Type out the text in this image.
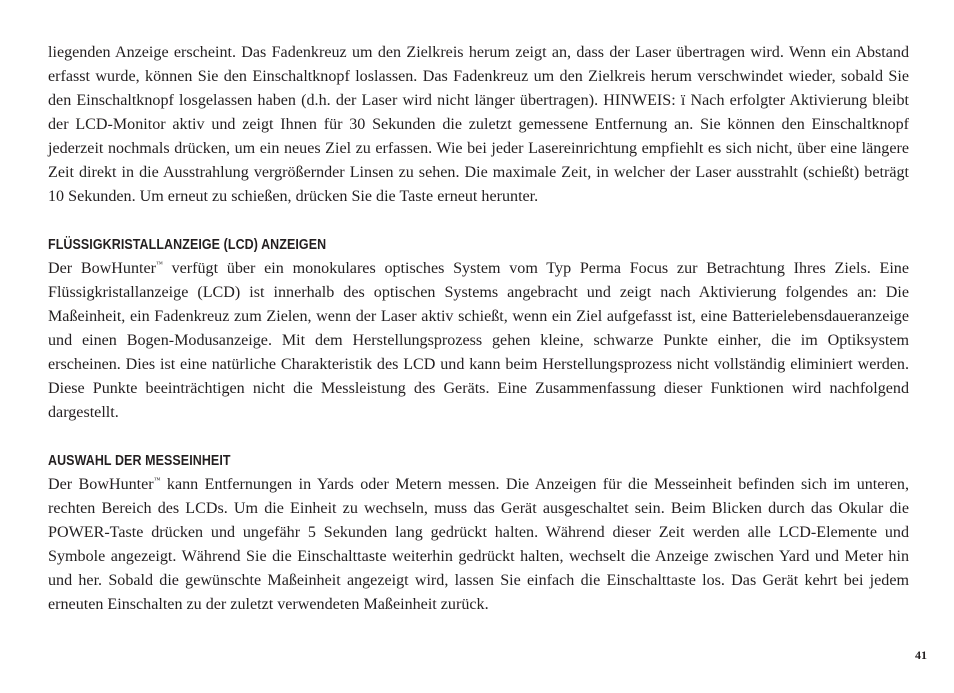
liegenden Anzeige erscheint. Das Fadenkreuz um den Zielkreis herum zeigt an, dass der Laser übertragen wird. Wenn ein Abstand erfasst wurde, können Sie den Einschaltknopf loslassen. Das Fadenkreuz um den Zielkreis herum verschwindet wieder, sobald Sie den Einschaltknopf losgelassen haben (d.h. der Laser wird nicht länger übertragen). HINWEIS: ï Nach erfolgter Aktivierung bleibt der LCD-Monitor aktiv und zeigt Ihnen für 30 Sekunden die zuletzt gemessene Entfernung an. Sie können den Einschaltknopf jederzeit nochmals drücken, um ein neues Ziel zu erfassen. Wie bei jeder Lasereinrichtung empfiehlt es sich nicht, über eine längere Zeit direkt in die Ausstrahlung vergrößernder Linsen zu sehen. Die maximale Zeit, in welcher der Laser ausstrahlt (schießt) beträgt 10 Sekunden. Um erneut zu schießen, drücken Sie die Taste erneut herunter.

FLÜSSIGKRISTALLANZEIGE (LCD) ANZEIGEN

Der BowHunter™ verfügt über ein monokulares optisches System vom Typ Perma Focus zur Betrachtung Ihres Ziels. Eine Flüssigkristallanzeige (LCD) ist innerhalb des optischen Systems angebracht und zeigt nach Aktivierung folgendes an: Die Maßeinheit, ein Fadenkreuz zum Zielen, wenn der Laser aktiv schießt, wenn ein Ziel aufgefasst ist, eine Batterielebensdaueranzeige und einen Bogen-Modusanzeige. Mit dem Herstellungsprozess gehen kleine, schwarze Punkte einher, die im Optiksystem erscheinen. Dies ist eine natürliche Charakteristik des LCD und kann beim Herstellungsprozess nicht vollständig eliminiert werden. Diese Punkte beeinträchtigen nicht die Messleistung des Geräts. Eine Zusammenfassung dieser Funktionen wird nachfolgend dargestellt.

AUSWAHL DER MESSEINHEIT

Der BowHunter™ kann Entfernungen in Yards oder Metern messen. Die Anzeigen für die Messeinheit befinden sich im unteren, rechten Bereich des LCDs. Um die Einheit zu wechseln, muss das Gerät ausgeschaltet sein. Beim Blicken durch das Okular die POWER-Taste drücken und ungefähr 5 Sekunden lang gedrückt halten. Während dieser Zeit werden alle LCD-Elemente und Symbole angezeigt. Während Sie die Einschalttaste weiterhin gedrückt halten, wechselt die Anzeige zwischen Yard und Meter hin und her. Sobald die gewünschte Maßeinheit angezeigt wird, lassen Sie einfach die Einschalttaste los. Das Gerät kehrt bei jedem erneuten Einschalten zu der zuletzt verwendeten Maßeinheit zurück.

41
